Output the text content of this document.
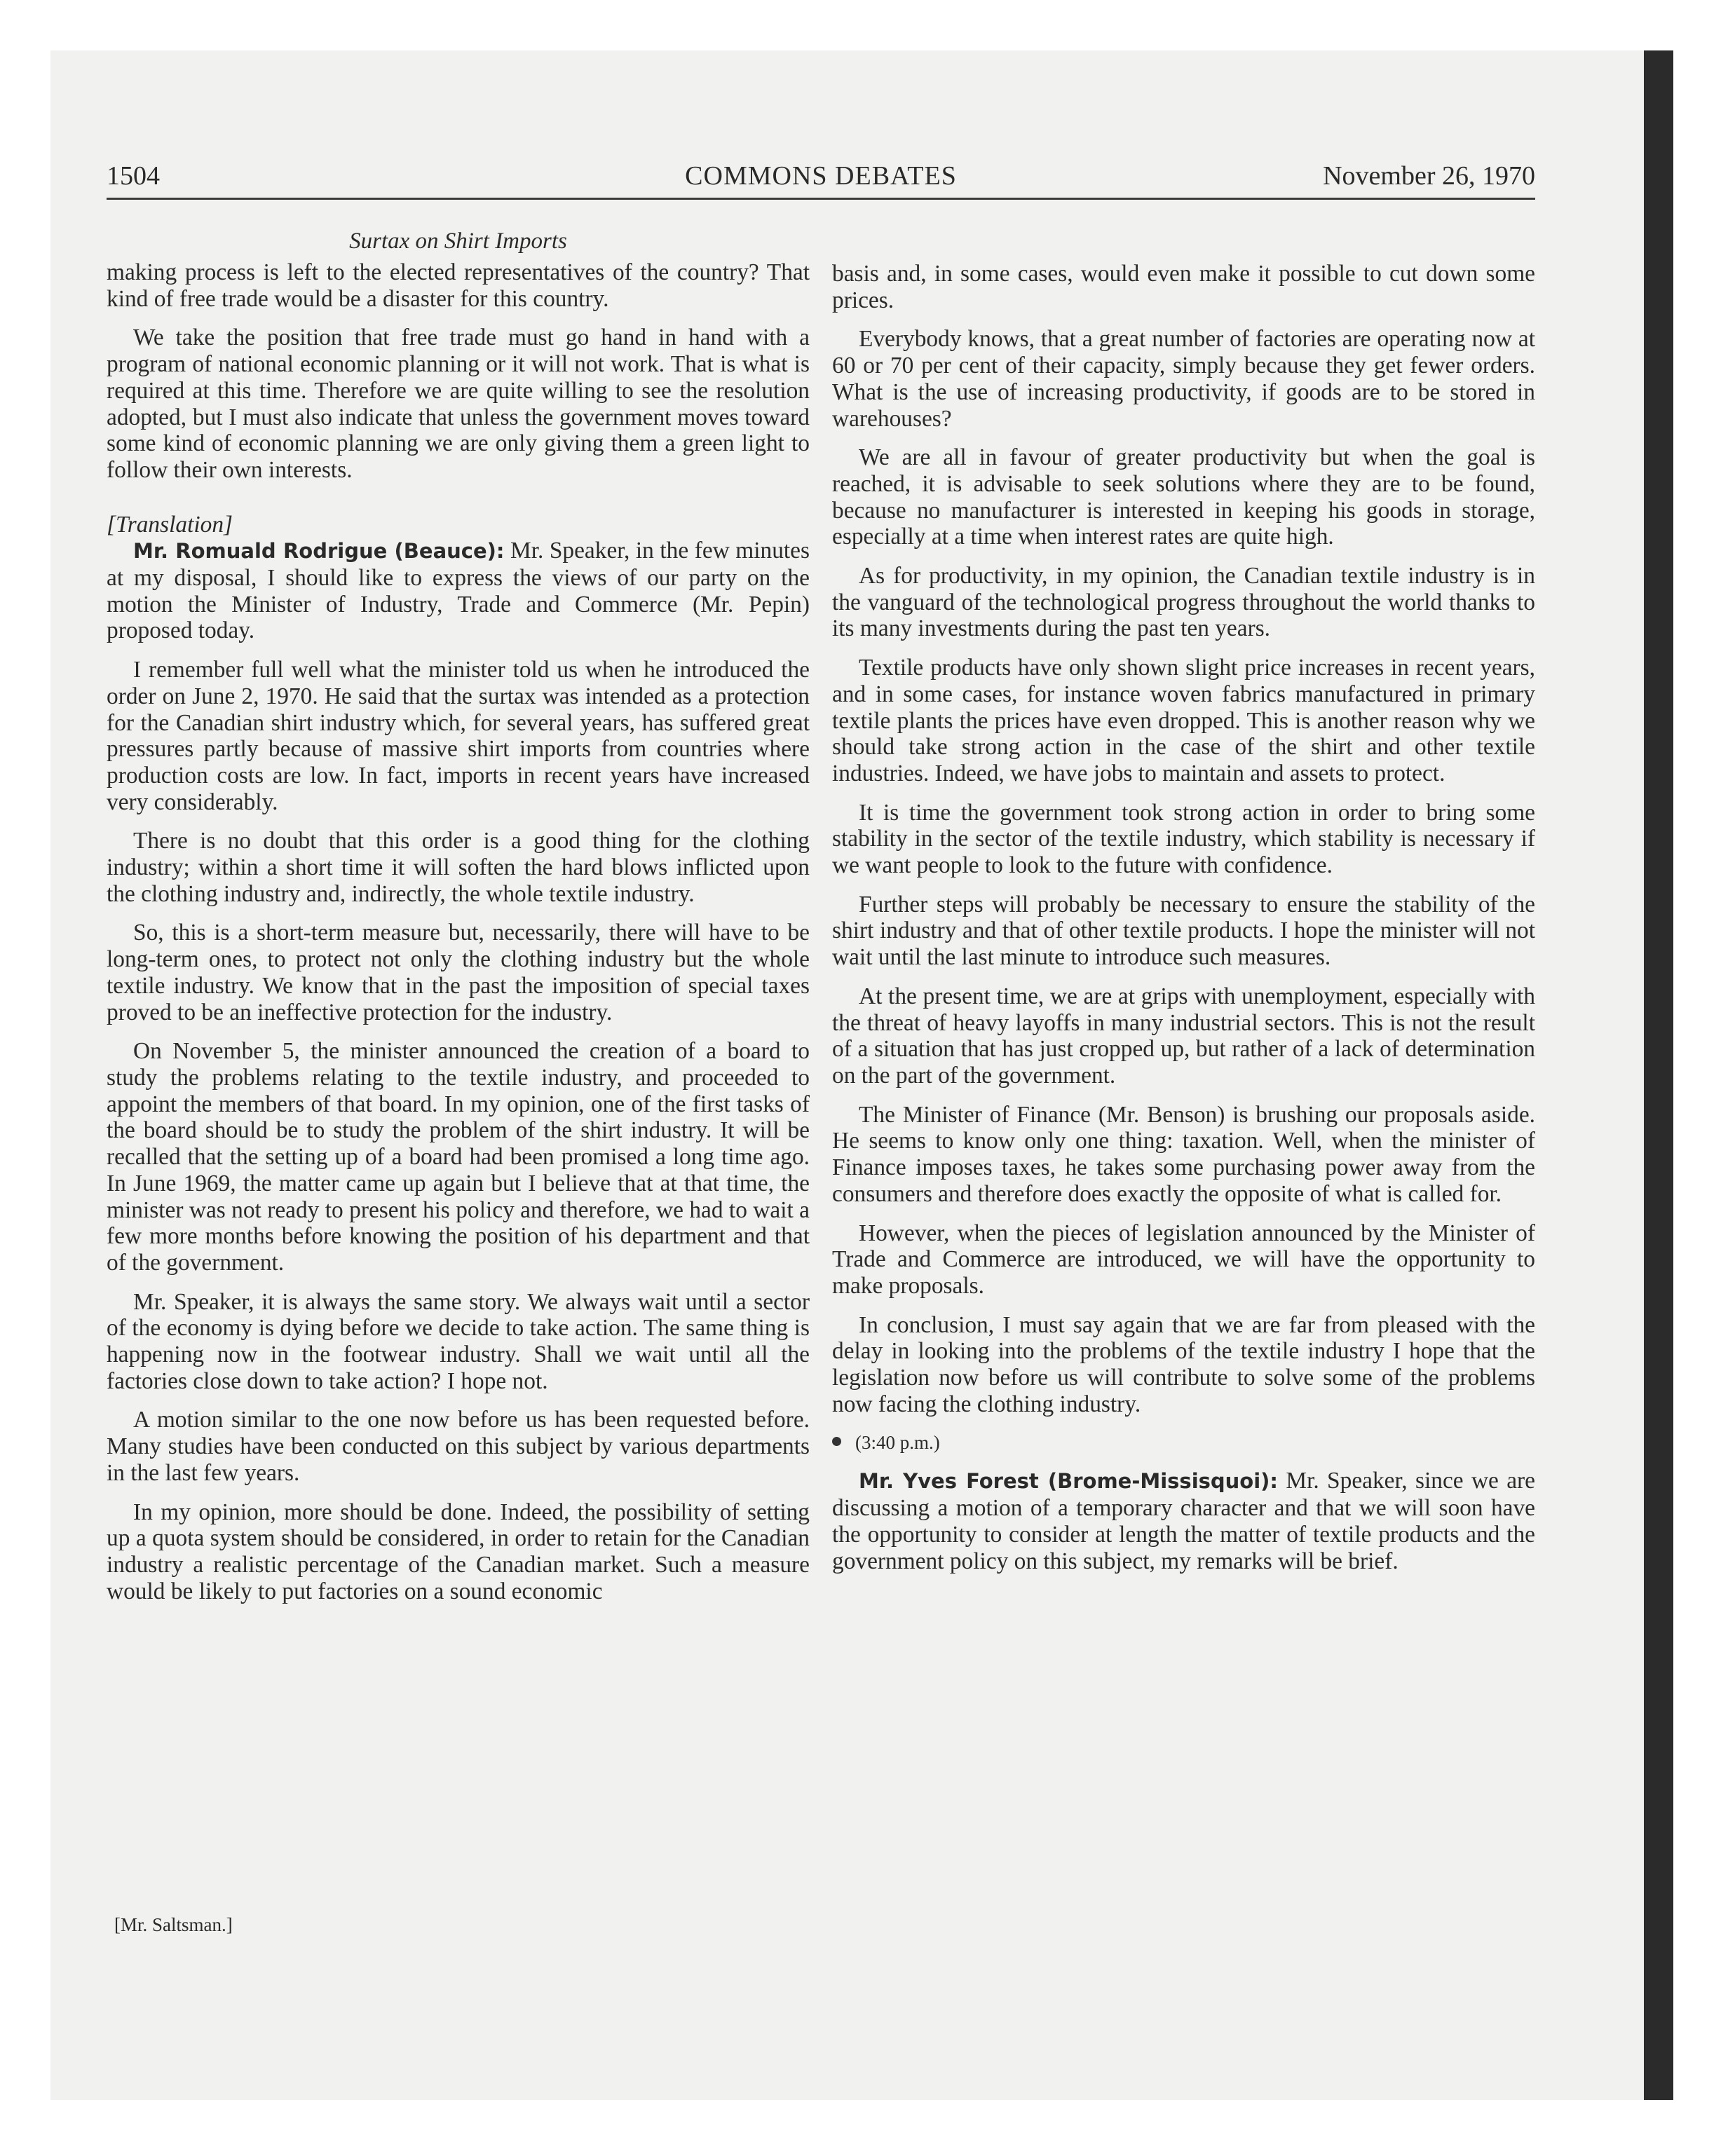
1504	COMMONS DEBATES	November 26, 1970
Surtax on Shirt Imports

making process is left to the elected representatives of the country? That kind of free trade would be a disaster for this country.

We take the position that free trade must go hand in hand with a program of national economic planning or it will not work. That is what is required at this time. Therefore we are quite willing to see the resolution adopted, but I must also indicate that unless the government moves toward some kind of economic planning we are only giving them a green light to follow their own interests.

[Translation]

Mr. Romuald Rodrigue (Beauce): Mr. Speaker, in the few minutes at my disposal, I should like to express the views of our party on the motion the Minister of Industry, Trade and Commerce (Mr. Pepin) proposed today.

I remember full well what the minister told us when he introduced the order on June 2, 1970. He said that the surtax was intended as a protection for the Canadian shirt industry which, for several years, has suffered great pressures partly because of massive shirt imports from countries where production costs are low. In fact, imports in recent years have increased very considerably.

There is no doubt that this order is a good thing for the clothing industry; within a short time it will soften the hard blows inflicted upon the clothing industry and, indirectly, the whole textile industry.

So, this is a short-term measure but, necessarily, there will have to be long-term ones, to protect not only the clothing industry but the whole textile industry. We know that in the past the imposition of special taxes proved to be an ineffective protection for the industry.

On November 5, the minister announced the creation of a board to study the problems relating to the textile industry, and proceeded to appoint the members of that board. In my opinion, one of the first tasks of the board should be to study the problem of the shirt industry. It will be recalled that the setting up of a board had been promised a long time ago. In June 1969, the matter came up again but I believe that at that time, the minister was not ready to present his policy and therefore, we had to wait a few more months before knowing the position of his department and that of the government.

Mr. Speaker, it is always the same story. We always wait until a sector of the economy is dying before we decide to take action. The same thing is happening now in the footwear industry. Shall we wait until all the factories close down to take action? I hope not.

A motion similar to the one now before us has been requested before. Many studies have been conducted on this subject by various departments in the last few years.

In my opinion, more should be done. Indeed, the possibility of setting up a quota system should be considered, in order to retain for the Canadian industry a realistic percentage of the Canadian market. Such a measure would be likely to put factories on a sound economic

basis and, in some cases, would even make it possible to cut down some prices.

Everybody knows, that a great number of factories are operating now at 60 or 70 per cent of their capacity, simply because they get fewer orders. What is the use of increasing productivity, if goods are to be stored in warehouses?

We are all in favour of greater productivity but when the goal is reached, it is advisable to seek solutions where they are to be found, because no manufacturer is interested in keeping his goods in storage, especially at a time when interest rates are quite high.

As for productivity, in my opinion, the Canadian textile industry is in the vanguard of the technological progress throughout the world thanks to its many investments during the past ten years.

Textile products have only shown slight price increases in recent years, and in some cases, for instance woven fabrics manufactured in primary textile plants the prices have even dropped. This is another reason why we should take strong action in the case of the shirt and other textile industries. Indeed, we have jobs to maintain and assets to protect.

It is time the government took strong action in order to bring some stability in the sector of the textile industry, which stability is necessary if we want people to look to the future with confidence.

Further steps will probably be necessary to ensure the stability of the shirt industry and that of other textile products. I hope the minister will not wait until the last minute to introduce such measures.

At the present time, we are at grips with unemployment, especially with the threat of heavy layoffs in many industrial sectors. This is not the result of a situation that has just cropped up, but rather of a lack of determination on the part of the government.

The Minister of Finance (Mr. Benson) is brushing our proposals aside. He seems to know only one thing: taxation. Well, when the minister of Finance imposes taxes, he takes some purchasing power away from the consumers and therefore does exactly the opposite of what is called for.

However, when the pieces of legislation announced by the Minister of Trade and Commerce are introduced, we will have the opportunity to make proposals.

In conclusion, I must say again that we are far from pleased with the delay in looking into the problems of the textile industry I hope that the legislation now before us will contribute to solve some of the problems now facing the clothing industry.

(3:40 p.m.)

Mr. Yves Forest (Brome-Missisquoi): Mr. Speaker, since we are discussing a motion of a temporary character and that we will soon have the opportunity to consider at length the matter of textile products and the government policy on this subject, my remarks will be brief.

[Mr. Saltsman.]
